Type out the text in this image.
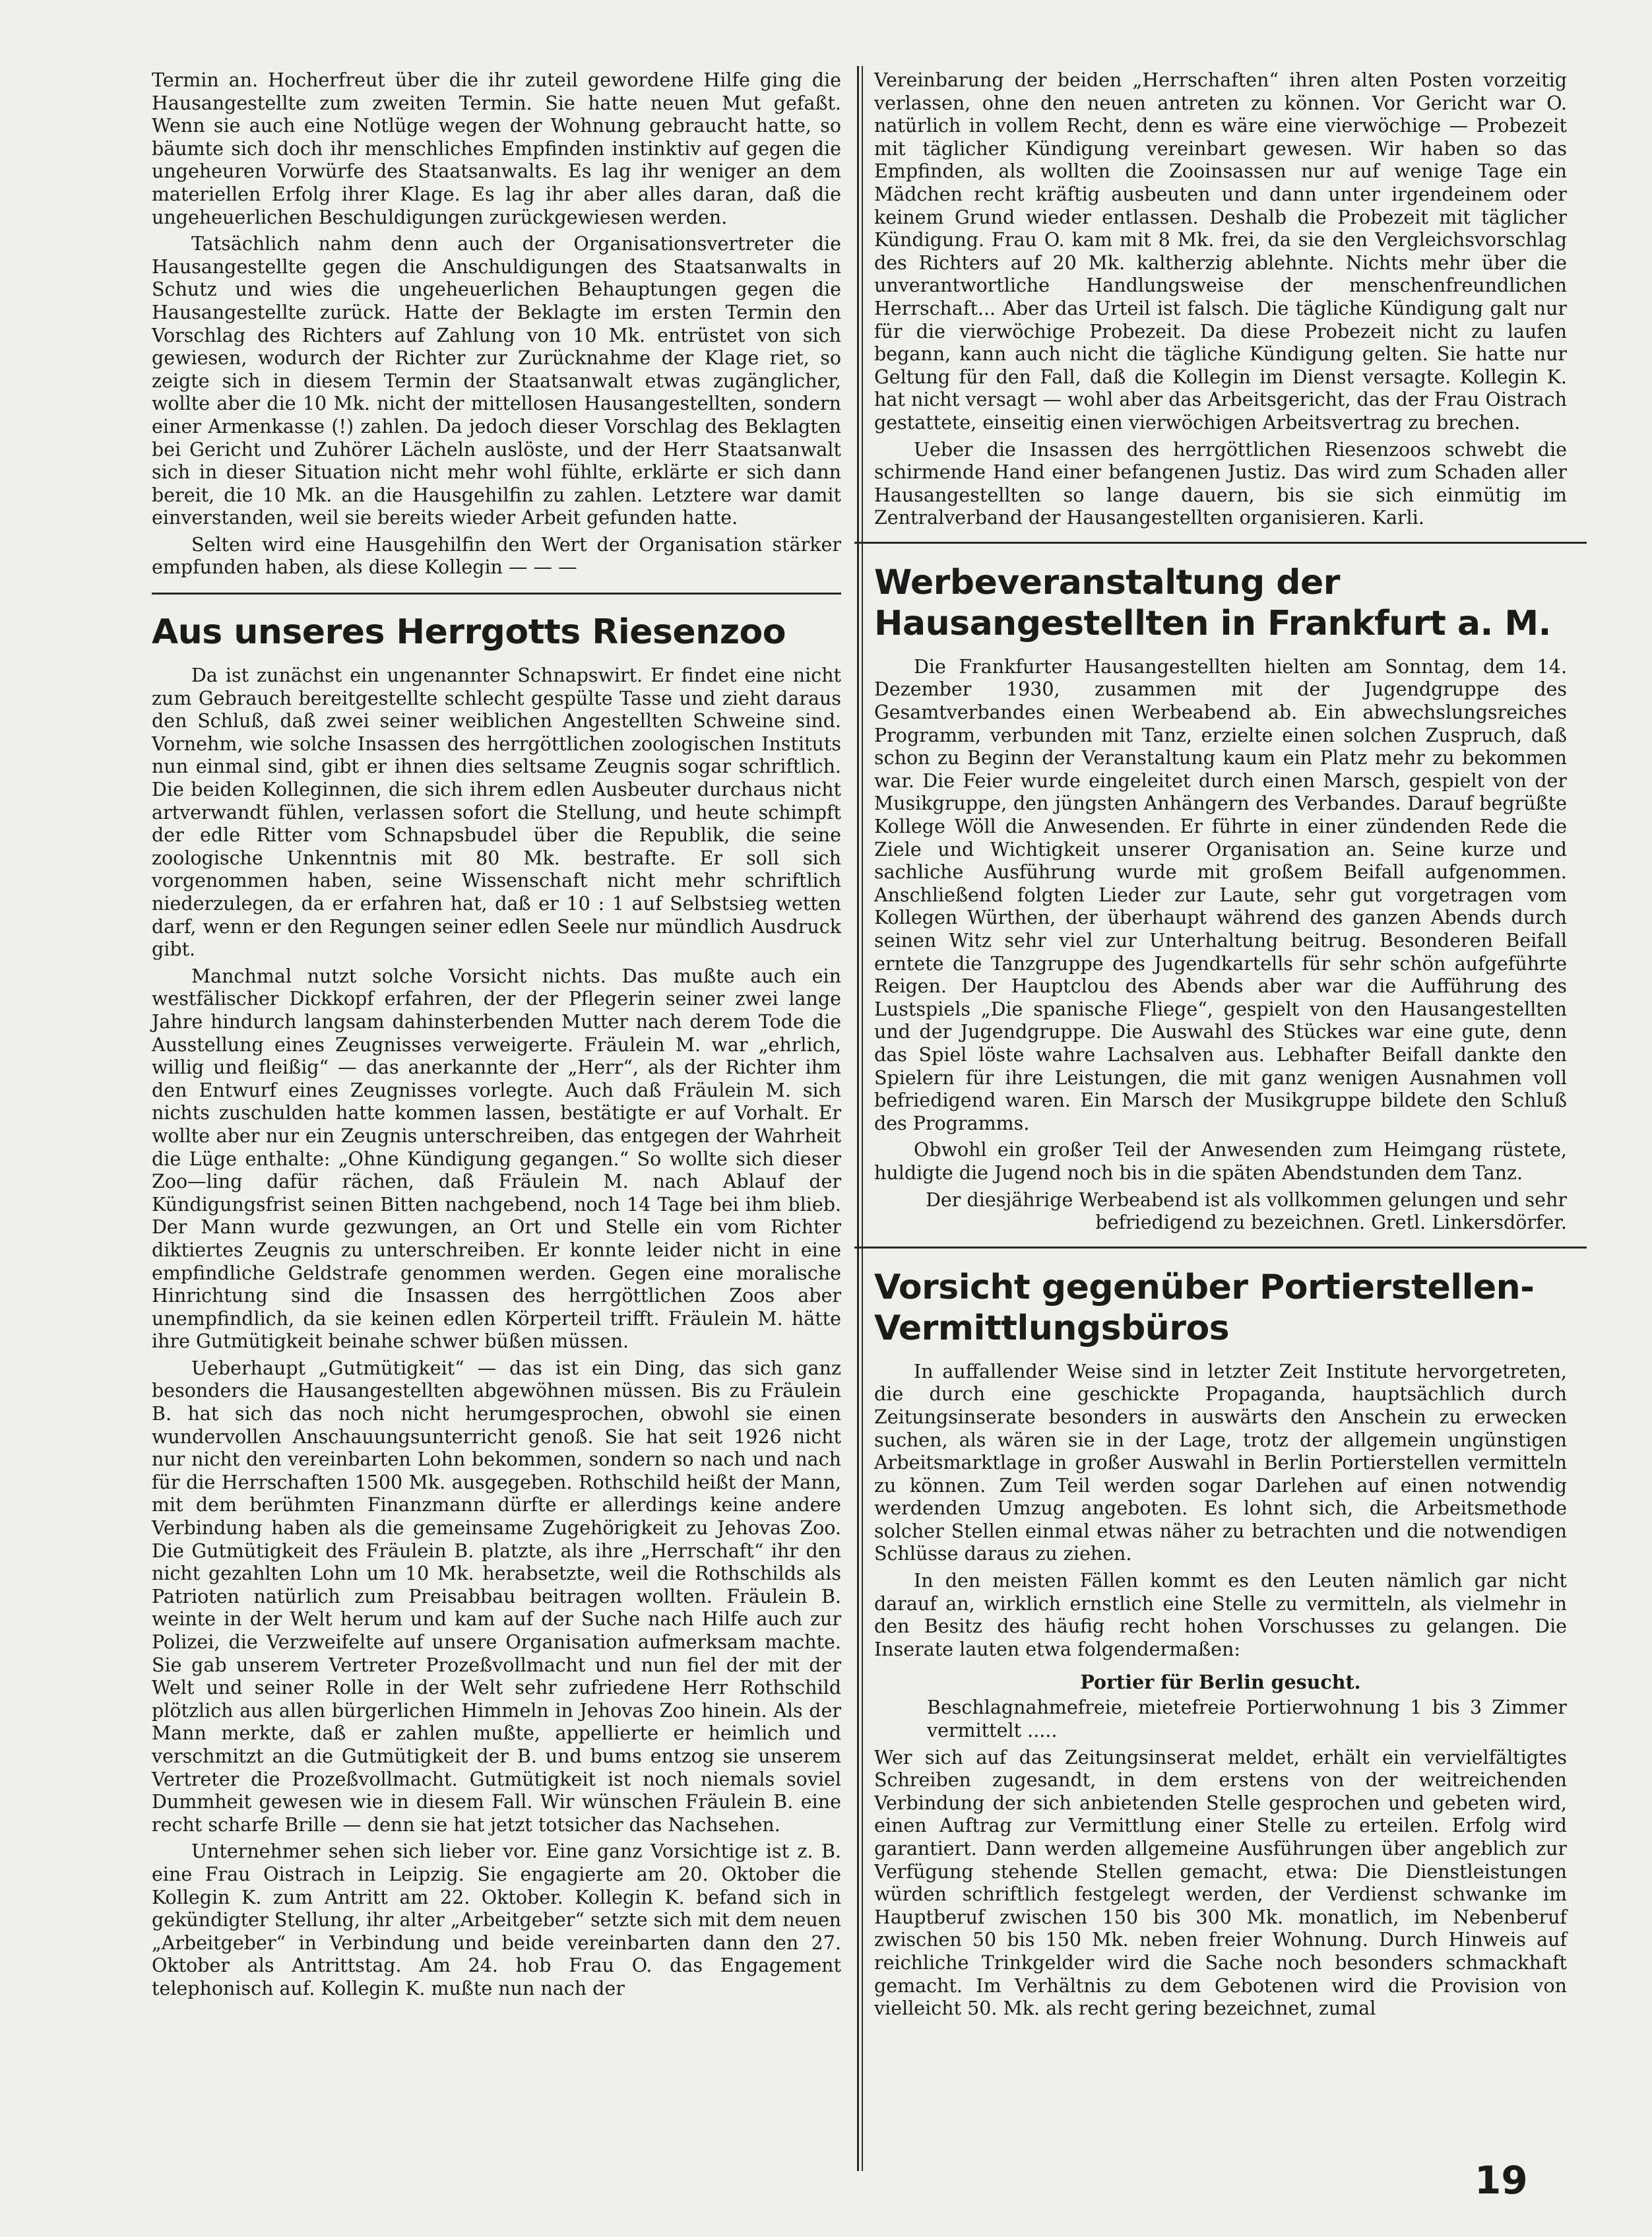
Termin an. Hocherfreut über die ihr zuteil gewordene Hilfe ging die Hausangestellte zum zweiten Termin. Sie hatte neuen Mut gefaßt. Wenn sie auch eine Notlüge wegen der Wohnung gebraucht hatte, so bäumte sich doch ihr menschliches Empfinden instinktiv auf gegen die ungeheuren Vorwürfe des Staatsanwalts. Es lag ihr weniger an dem materiellen Erfolg ihrer Klage. Es lag ihr aber alles daran, daß die ungeheuerlichen Beschuldigungen zurückgewiesen werden.

Tatsächlich nahm denn auch der Organisationsvertreter die Hausangestellte gegen die Anschuldigungen des Staatsanwalts in Schutz und wies die ungeheuerlichen Behauptungen gegen die Hausangestellte zurück. Hatte der Beklagte im ersten Termin den Vorschlag des Richters auf Zahlung von 10 Mk. entrüstet von sich gewiesen, wodurch der Richter zur Zurücknahme der Klage riet, so zeigte sich in diesem Termin der Staatsanwalt etwas zugänglicher, wollte aber die 10 Mk. nicht der mittellosen Hausangestellten, sondern einer Armenkasse (!) zahlen. Da jedoch dieser Vorschlag des Beklagten bei Gericht und Zuhörer Lächeln auslöste, und der Herr Staatsanwalt sich in dieser Situation nicht mehr wohl fühlte, erklärte er sich dann bereit, die 10 Mk. an die Hausgehilfin zu zahlen. Letztere war damit einverstanden, weil sie bereits wieder Arbeit gefunden hatte.

Selten wird eine Hausgehilfin den Wert der Organisation stärker empfunden haben, als diese Kollegin — — —

Aus unseres Herrgotts Riesenzoo

Da ist zunächst ein ungenannter Schnapswirt. Er findet eine nicht zum Gebrauch bereitgestellte schlecht gespülte Tasse und zieht daraus den Schluß, daß zwei seiner weiblichen Angestellten Schweine sind. Vornehm, wie solche Insassen des herrgöttlichen zoologischen Instituts nun einmal sind, gibt er ihnen dies seltsame Zeugnis sogar schriftlich. Die beiden Kolleginnen, die sich ihrem edlen Ausbeuter durchaus nicht artverwandt fühlen, verlassen sofort die Stellung, und heute schimpft der edle Ritter vom Schnapsbudel über die Republik, die seine zoologische Unkenntnis mit 80 Mk. bestrafte. Er soll sich vorgenommen haben, seine Wissenschaft nicht mehr schriftlich niederzulegen, da er erfahren hat, daß er 10 : 1 auf Selbstsieg wetten darf, wenn er den Regungen seiner edlen Seele nur mündlich Ausdruck gibt.

Manchmal nutzt solche Vorsicht nichts. Das mußte auch ein westfälischer Dickkopf erfahren, der der Pflegerin seiner zwei lange Jahre hindurch langsam dahinsterbenden Mutter nach derem Tode die Ausstellung eines Zeugnisses verweigerte. Fräulein M. war „ehrlich, willig und fleißig“ — das anerkannte der „Herr“, als der Richter ihm den Entwurf eines Zeugnisses vorlegte. Auch daß Fräulein M. sich nichts zuschulden hatte kommen lassen, bestätigte er auf Vorhalt. Er wollte aber nur ein Zeugnis unterschreiben, das entgegen der Wahrheit die Lüge enthalte: „Ohne Kündigung gegangen.“ So wollte sich dieser Zoo—ling dafür rächen, daß Fräulein M. nach Ablauf der Kündigungsfrist seinen Bitten nachgebend, noch 14 Tage bei ihm blieb. Der Mann wurde gezwungen, an Ort und Stelle ein vom Richter diktiertes Zeugnis zu unterschreiben. Er konnte leider nicht in eine empfindliche Geldstrafe genommen werden. Gegen eine moralische Hinrichtung sind die Insassen des herrgöttlichen Zoos aber unempfindlich, da sie keinen edlen Körperteil trifft. Fräulein M. hätte ihre Gutmütigkeit beinahe schwer büßen müssen.

Ueberhaupt „Gutmütigkeit“ — das ist ein Ding, das sich ganz besonders die Hausangestellten abgewöhnen müssen. Bis zu Fräulein B. hat sich das noch nicht herumgesprochen, obwohl sie einen wundervollen Anschauungsunterricht genoß. Sie hat seit 1926 nicht nur nicht den vereinbarten Lohn bekommen, sondern so nach und nach für die Herrschaften 1500 Mk. ausgegeben. Rothschild heißt der Mann, mit dem berühmten Finanzmann dürfte er allerdings keine andere Verbindung haben als die gemeinsame Zugehörigkeit zu Jehovas Zoo. Die Gutmütigkeit des Fräulein B. platzte, als ihre „Herrschaft“ ihr den nicht gezahlten Lohn um 10 Mk. herabsetzte, weil die Rothschilds als Patrioten natürlich zum Preisabbau beitragen wollten. Fräulein B. weinte in der Welt herum und kam auf der Suche nach Hilfe auch zur Polizei, die Verzweifelte auf unsere Organisation aufmerksam machte. Sie gab unserem Vertreter Prozeßvollmacht und nun fiel der mit der Welt und seiner Rolle in der Welt sehr zufriedene Herr Rothschild plötzlich aus allen bürgerlichen Himmeln in Jehovas Zoo hinein. Als der Mann merkte, daß er zahlen mußte, appellierte er heimlich und verschmitzt an die Gutmütigkeit der B. und bums entzog sie unserem Vertreter die Prozeßvollmacht. Gutmütigkeit ist noch niemals soviel Dummheit gewesen wie in diesem Fall. Wir wünschen Fräulein B. eine recht scharfe Brille — denn sie hat jetzt totsicher das Nachsehen.

Unternehmer sehen sich lieber vor. Eine ganz Vorsichtige ist z. B. eine Frau Oistrach in Leipzig. Sie engagierte am 20. Oktober die Kollegin K. zum Antritt am 22. Oktober. Kollegin K. befand sich in gekündigter Stellung, ihr alter „Arbeitgeber“ setzte sich mit dem neuen „Arbeitgeber“ in Verbindung und beide vereinbarten dann den 27. Oktober als Antrittstag. Am 24. hob Frau O. das Engagement telephonisch auf. Kollegin K. mußte nun nach der

Vereinbarung der beiden „Herrschaften“ ihren alten Posten vorzeitig verlassen, ohne den neuen antreten zu können. Vor Gericht war O. natürlich in vollem Recht, denn es wäre eine vierwöchige — Probezeit mit täglicher Kündigung vereinbart gewesen. Wir haben so das Empfinden, als wollten die Zooinsassen nur auf wenige Tage ein Mädchen recht kräftig ausbeuten und dann unter irgendeinem oder keinem Grund wieder entlassen. Deshalb die Probezeit mit täglicher Kündigung. Frau O. kam mit 8 Mk. frei, da sie den Vergleichsvorschlag des Richters auf 20 Mk. kaltherzig ablehnte. Nichts mehr über die unverantwortliche Handlungsweise der menschenfreundlichen Herrschaft... Aber das Urteil ist falsch. Die tägliche Kündigung galt nur für die vierwöchige Probezeit. Da diese Probezeit nicht zu laufen begann, kann auch nicht die tägliche Kündigung gelten. Sie hatte nur Geltung für den Fall, daß die Kollegin im Dienst versagte. Kollegin K. hat nicht versagt — wohl aber das Arbeitsgericht, das der Frau Oistrach gestattete, einseitig einen vierwöchigen Arbeitsvertrag zu brechen.

Ueber die Insassen des herrgöttlichen Riesenzoos schwebt die schirmende Hand einer befangenen Justiz. Das wird zum Schaden aller Hausangestellten so lange dauern, bis sie sich einmütig im Zentralverband der Hausangestellten organisieren. Karli.

Werbeveranstaltung der Hausangestellten in Frankfurt a. M.

Die Frankfurter Hausangestellten hielten am Sonntag, dem 14. Dezember 1930, zusammen mit der Jugendgruppe des Gesamtverbandes einen Werbeabend ab. Ein abwechslungsreiches Programm, verbunden mit Tanz, erzielte einen solchen Zuspruch, daß schon zu Beginn der Veranstaltung kaum ein Platz mehr zu bekommen war. Die Feier wurde eingeleitet durch einen Marsch, gespielt von der Musikgruppe, den jüngsten Anhängern des Verbandes. Darauf begrüßte Kollege Wöll die Anwesenden. Er führte in einer zündenden Rede die Ziele und Wichtigkeit unserer Organisation an. Seine kurze und sachliche Ausführung wurde mit großem Beifall aufgenommen. Anschließend folgten Lieder zur Laute, sehr gut vorgetragen vom Kollegen Würthen, der überhaupt während des ganzen Abends durch seinen Witz sehr viel zur Unterhaltung beitrug. Besonderen Beifall erntete die Tanzgruppe des Jugendkartells für sehr schön aufgeführte Reigen. Der Hauptclou des Abends aber war die Aufführung des Lustspiels „Die spanische Fliege“, gespielt von den Hausangestellten und der Jugendgruppe. Die Auswahl des Stückes war eine gute, denn das Spiel löste wahre Lachsalven aus. Lebhafter Beifall dankte den Spielern für ihre Leistungen, die mit ganz wenigen Ausnahmen voll befriedigend waren. Ein Marsch der Musikgruppe bildete den Schluß des Programms.

Obwohl ein großer Teil der Anwesenden zum Heimgang rüstete, huldigte die Jugend noch bis in die späten Abendstunden dem Tanz.

Der diesjährige Werbeabend ist als vollkommen gelungen und sehr befriedigend zu bezeichnen. Gretl. Linkersdörfer.

Vorsicht gegenüber Portierstellen-Vermittlungsbüros

In auffallender Weise sind in letzter Zeit Institute hervorgetreten, die durch eine geschickte Propaganda, hauptsächlich durch Zeitungsinserate besonders in auswärts den Anschein zu erwecken suchen, als wären sie in der Lage, trotz der allgemein ungünstigen Arbeitsmarktlage in großer Auswahl in Berlin Portierstellen vermitteln zu können. Zum Teil werden sogar Darlehen auf einen notwendig werdenden Umzug angeboten. Es lohnt sich, die Arbeitsmethode solcher Stellen einmal etwas näher zu betrachten und die notwendigen Schlüsse daraus zu ziehen.

In den meisten Fällen kommt es den Leuten nämlich gar nicht darauf an, wirklich ernstlich eine Stelle zu vermitteln, als vielmehr in den Besitz des häufig recht hohen Vorschusses zu gelangen. Die Inserate lauten etwa folgendermaßen:

Portier für Berlin gesucht.

Beschlagnahmefreie, mietefreie Portierwohnung 1 bis 3 Zimmer vermittelt .....

Wer sich auf das Zeitungsinserat meldet, erhält ein vervielfältigtes Schreiben zugesandt, in dem erstens von der weitreichenden Verbindung der sich anbietenden Stelle gesprochen und gebeten wird, einen Auftrag zur Vermittlung einer Stelle zu erteilen. Erfolg wird garantiert. Dann werden allgemeine Ausführungen über angeblich zur Verfügung stehende Stellen gemacht, etwa: Die Dienstleistungen würden schriftlich festgelegt werden, der Verdienst schwanke im Hauptberuf zwischen 150 bis 300 Mk. monatlich, im Nebenberuf zwischen 50 bis 150 Mk. neben freier Wohnung. Durch Hinweis auf reichliche Trinkgelder wird die Sache noch besonders schmackhaft gemacht. Im Verhältnis zu dem Gebotenen wird die Provision von vielleicht 50. Mk. als recht gering bezeichnet, zumal

19
